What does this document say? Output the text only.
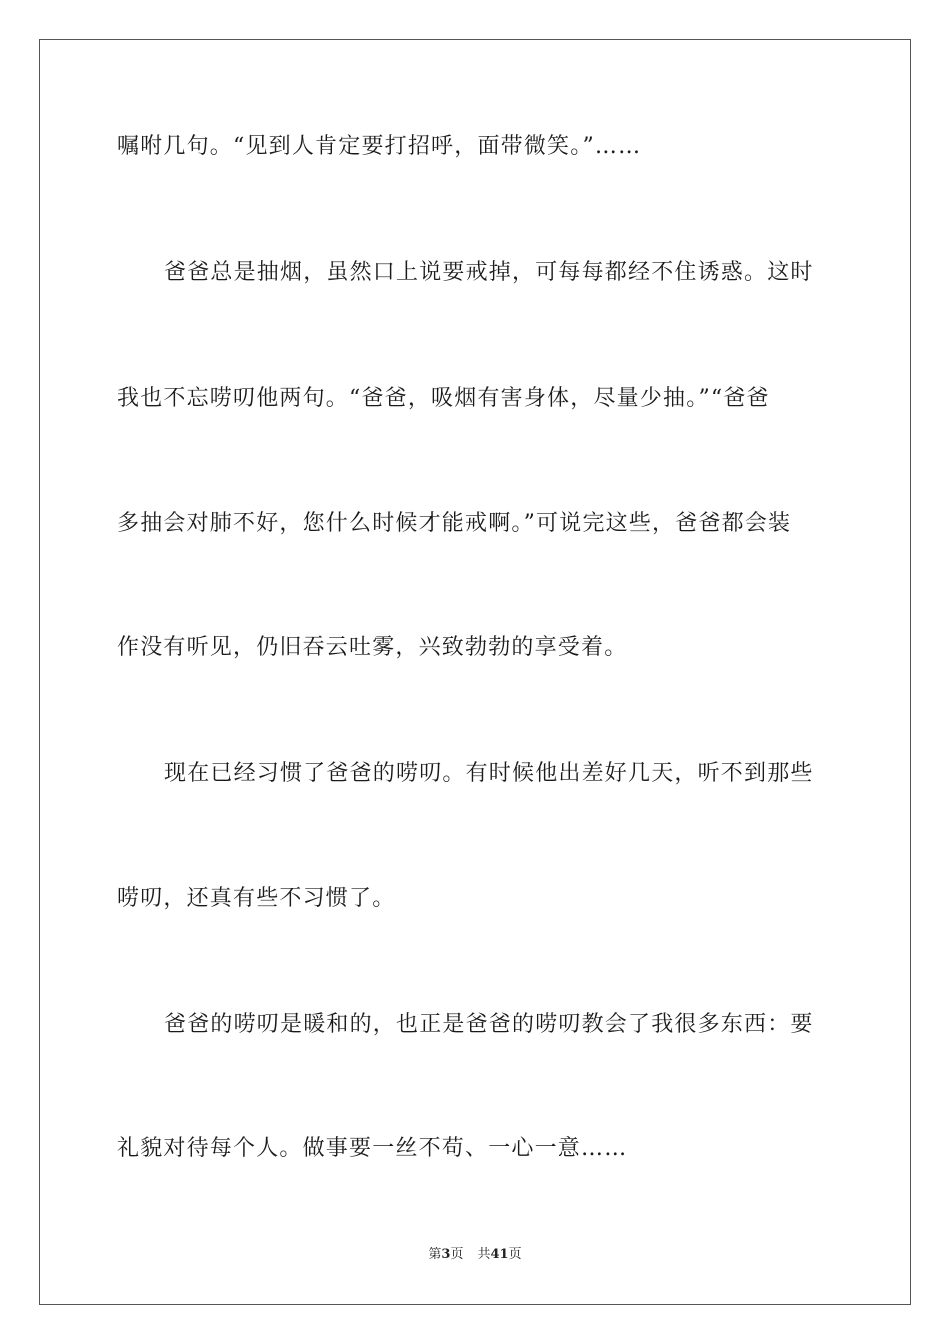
嘱咐几句。“见到人肯定要打招呼，面带微笑。”……
爸爸总是抽烟，虽然口上说要戒掉，可每每都经不住诱惑。这时
我也不忘唠叨他两句。“爸爸，吸烟有害身体，尽量少抽。”“爸爸
多抽会对肺不好，您什么时候才能戒啊。”可说完这些，爸爸都会装
作没有听见，仍旧吞云吐雾，兴致勃勃的享受着。
现在已经习惯了爸爸的唠叨。有时候他出差好几天，听不到那些
唠叨，还真有些不习惯了。
爸爸的唠叨是暖和的，也正是爸爸的唠叨教会了我很多东西：要
礼貌对待每个人。做事要一丝不苟、一心一意……
第3页 共41页
